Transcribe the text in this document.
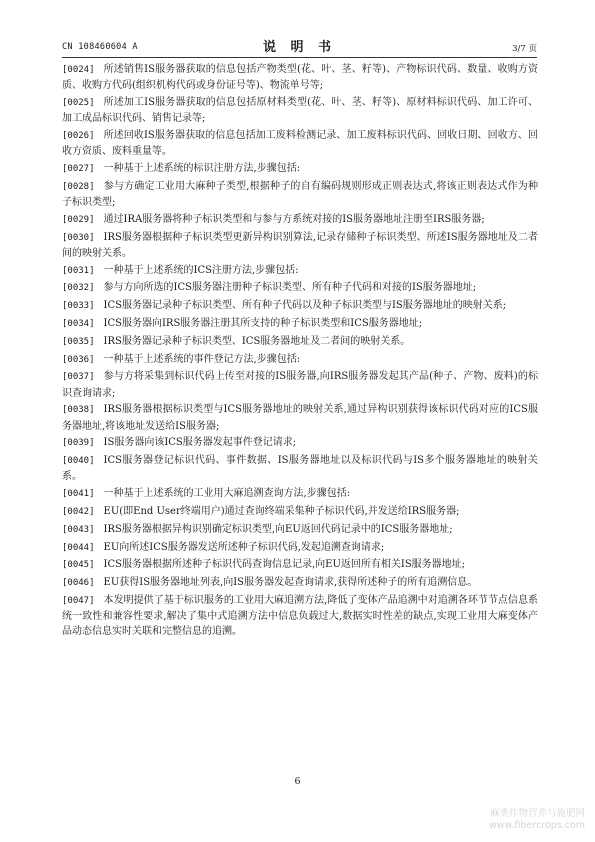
CN 108460604 A	说 明 书	3/7 页

[0024] 所述销售IS服务器获取的信息包括产物类型(花、叶、茎、籽等)、产物标识代码、数量、收购方资质、收购方代码(组织机构代码或身份证号等)、物流单号等;

[0025] 所述加工IS服务器获取的信息包括原材料类型(花、叶、茎、籽等)、原材料标识代码、加工许可、加工成品标识代码、销售记录等;

[0026] 所述回收IS服务器获取的信息包括加工废料检测记录、加工废料标识代码、回收日期、回收方、回收方资质、废料重量等。

[0027] 一种基于上述系统的标识注册方法,步骤包括:

[0028] 参与方确定工业用大麻种子类型,根据种子的自有编码规则形成正则表达式,将该正则表达式作为种子标识类型;

[0029] 通过IRA服务器将种子标识类型和与参与方系统对接的IS服务器地址注册至IRS服务器;

[0030] IRS服务器根据种子标识类型更新异构识别算法,记录存储种子标识类型、所述IS服务器地址及二者间的映射关系。

[0031] 一种基于上述系统的ICS注册方法,步骤包括:

[0032] 参与方向所选的ICS服务器注册种子标识类型、所有种子代码和对接的IS服务器地址;

[0033] ICS服务器记录种子标识类型、所有种子代码以及种子标识类型与IS服务器地址的映射关系;

[0034] ICS服务器向IRS服务器注册其所支持的种子标识类型和ICS服务器地址;

[0035] IRS服务器记录种子标识类型、ICS服务器地址及二者间的映射关系。

[0036] 一种基于上述系统的事件登记方法,步骤包括:

[0037] 参与方将采集到标识代码上传至对接的IS服务器,向IRS服务器发起其产品(种子、产物、废料)的标识查询请求;

[0038] IRS服务器根据标识类型与ICS服务器地址的映射关系,通过异构识别获得该标识代码对应的ICS服务器地址,将该地址发送给IS服务器;

[0039] IS服务器向该ICS服务器发起事件登记请求;

[0040] ICS服务器登记标识代码、事件数据、IS服务器地址以及标识代码与IS多个服务器地址的映射关系。

[0041] 一种基于上述系统的工业用大麻追溯查询方法,步骤包括:

[0042] EU(即End User终端用户)通过查询终端采集种子标识代码,并发送给IRS服务器;

[0043] IRS服务器根据异构识别确定标识类型,向EU返回代码记录中的ICS服务器地址;

[0044] EU向所述ICS服务器发送所述种子标识代码,发起追溯查询请求;

[0045] ICS服务器根据所述种子标识代码查询信息记录,向EU返回所有相关IS服务器地址;

[0046] EU获得IS服务器地址列表,向IS服务器发起查询请求,获得所述种子的所有追溯信息。

[0047] 本发明提供了基于标识服务的工业用大麻追溯方法,降低了变体产品追溯中对追溯各环节节点信息系统一致性和兼容性要求,解决了集中式追溯方法中信息负载过大,数据实时性差的缺点,实现工业用大麻变体产品动态信息实时关联和完整信息的追溯。

6
麻类作物营养与施肥网
www.fibercrops.com
